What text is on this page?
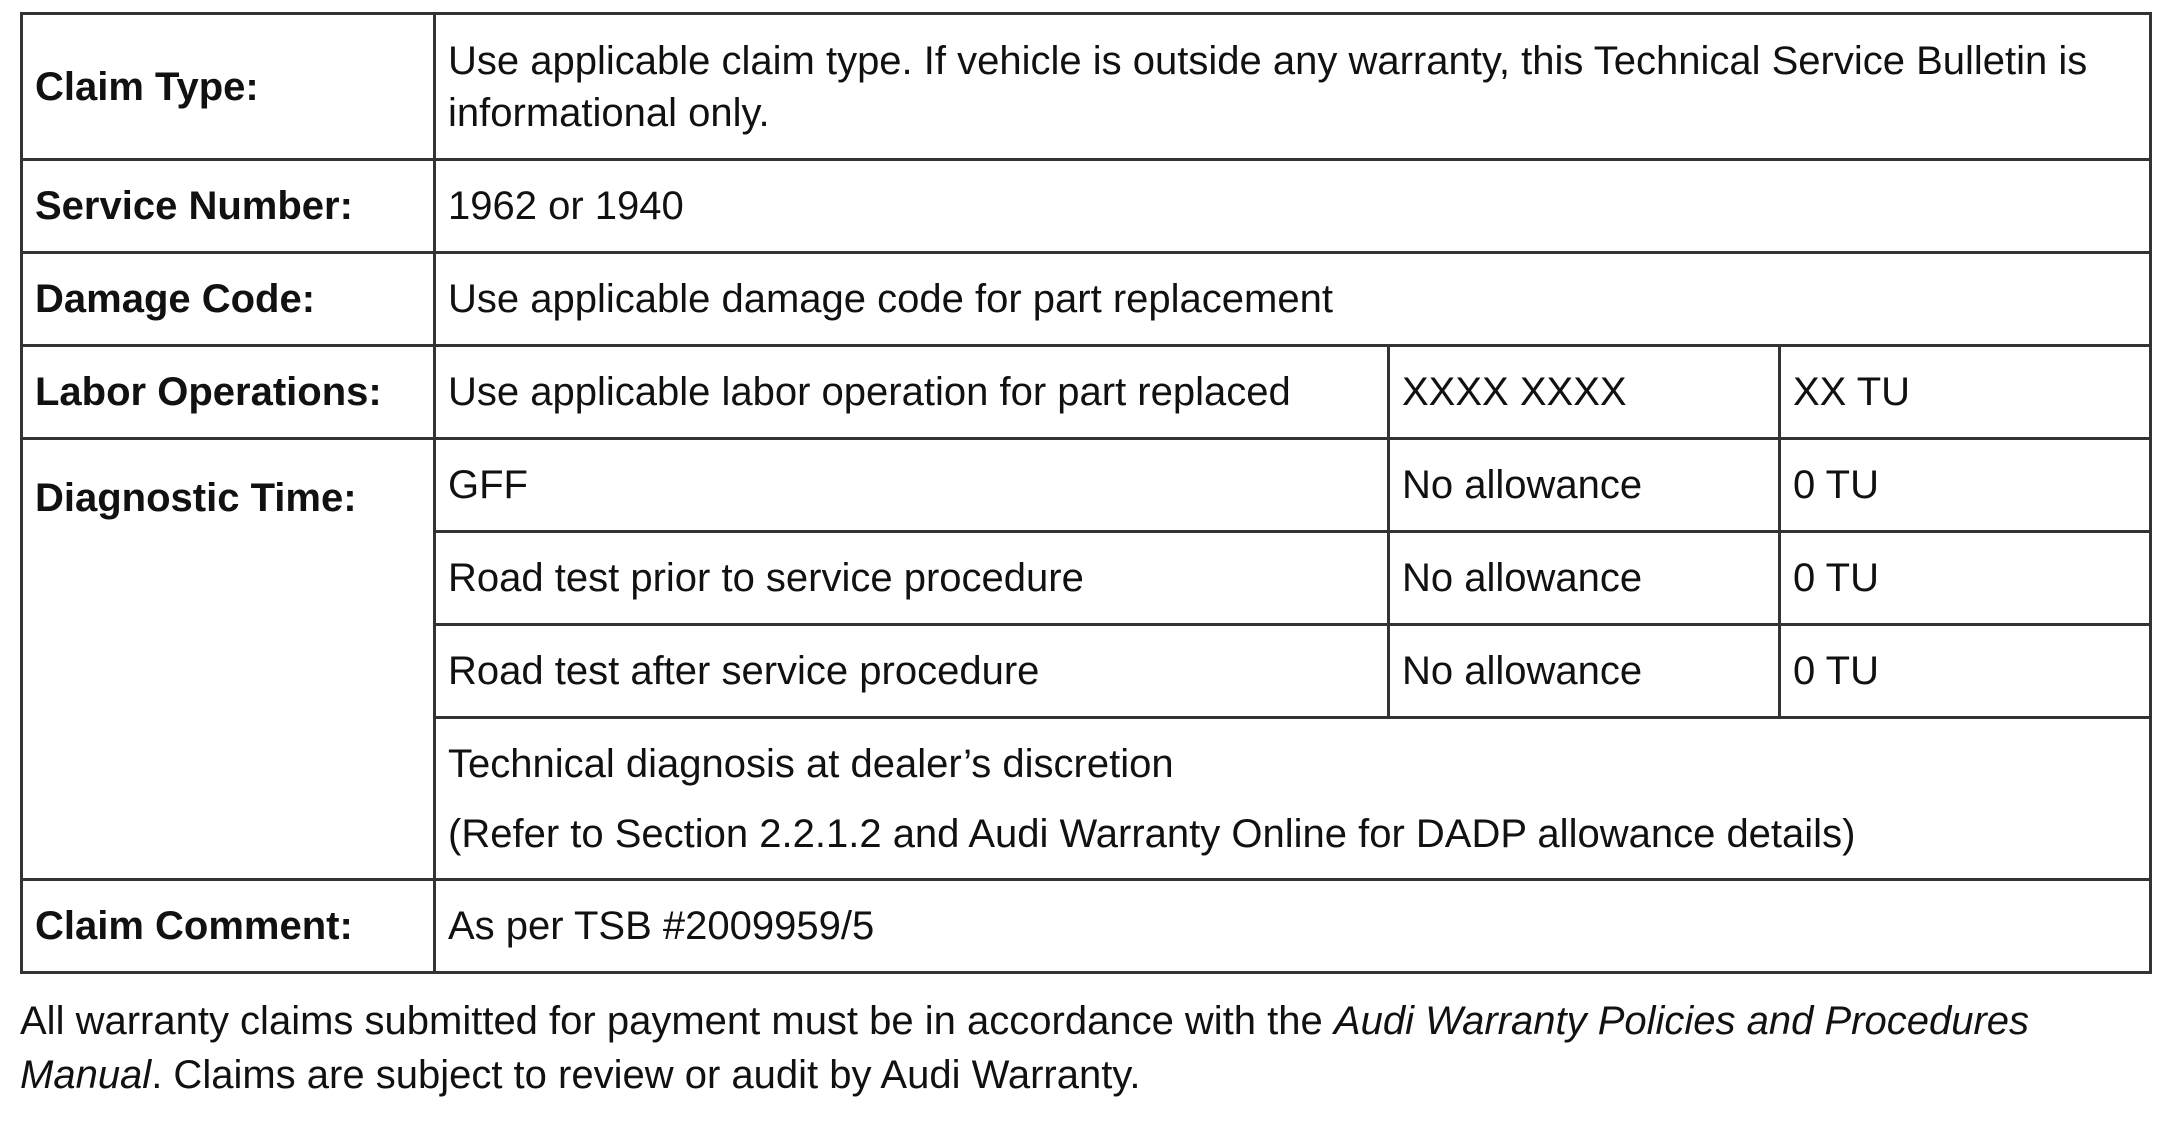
Claim Type:	Use applicable claim type. If vehicle is outside any warranty, this Technical Service Bulletin is informational only.		
Service Number:	1962 or 1940		
Damage Code:	Use applicable damage code for part replacement		
Labor Operations:	Use applicable labor operation for part replaced	XXXX XXXX	XX TU

Diagnostic Time:	GFF	No allowance	0 TU
	Road test prior to service procedure	No allowance	0 TU
	Road test after service procedure	No allowance	0 TU

	Technical diagnosis at dealer’s discretion
(Refer to Section 2.2.1.2 and Audi Warranty Online for DADP allowance details)		

Claim Comment:	As per TSB #2009959/5		

All warranty claims submitted for payment must be in accordance with the Audi Warranty Policies and Procedures Manual. Claims are subject to review or audit by Audi Warranty.
